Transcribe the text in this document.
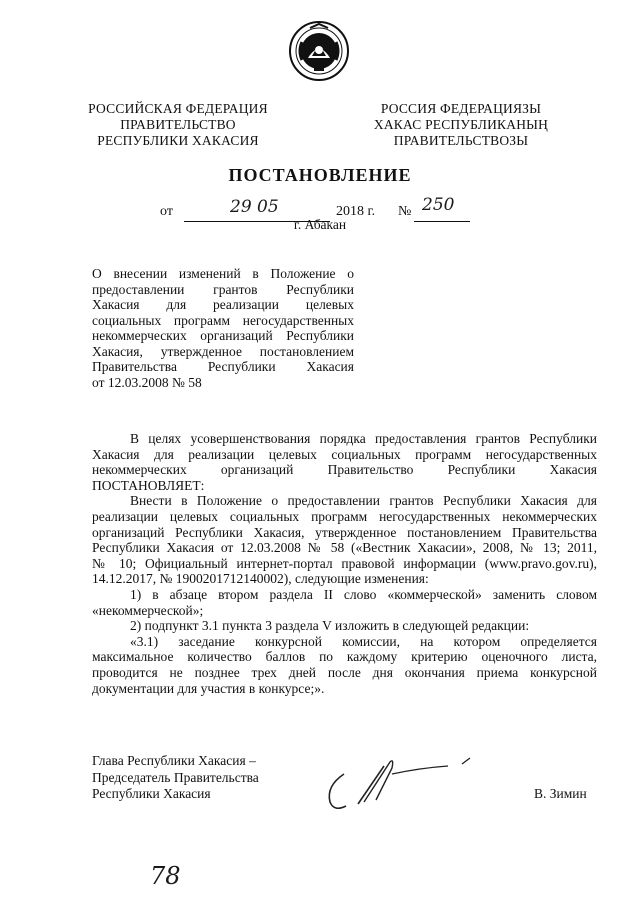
РОССИЙСКАЯ ФЕДЕРАЦИЯ
ПРАВИТЕЛЬСТВО
РЕСПУБЛИКИ ХАКАСИЯ
РОССИЯ ФЕДЕРАЦИЯЗЫ
ХАКАС РЕСПУБЛИКАНЫҢ
ПРАВИТЕЛЬСТВОЗЫ
ПОСТАНОВЛЕНИЕ
от	29 05	2018 г. № 250
г. Абакан
О внесении изменений в Положение о
предоставлении грантов Республики
Хакасия для реализации целевых
социальных программ негосударственных
некоммерческих организаций Республики
Хакасия, утвержденное постановлением
Правительства Республики Хакасия
от 12.03.2008 № 58
В целях усовершенствования порядка предоставления грантов Республики
Хакасия для реализации целевых социальных программ негосударственных
некоммерческих организаций Правительство Республики Хакасия
ПОСТАНОВЛЯЕТ:
Внести в Положение о предоставлении грантов Республики Хакасия для
реализации целевых социальных программ негосударственных некоммерческих
организаций Республики Хакасия, утвержденное постановлением Правительства
Республики Хакасия от 12.03.2008 № 58 («Вестник Хакасии», 2008, № 13; 2011,
№ 10; Официальный интернет-портал правовой информации (www.pravo.gov.ru),
14.12.2017, № 1900201712140002), следующие изменения:
1) в абзаце втором раздела II слово «коммерческой» заменить словом
«некоммерческой»;
2) подпункт 3.1 пункта 3 раздела V изложить в следующей редакции:
«3.1) заседание конкурсной комиссии, на котором определяется
максимальное количество баллов по каждому критерию оценочного листа,
проводится не позднее трех дней после дня окончания приема конкурсной
документации для участия в конкурсе;».
Глава Республики Хакасия –
Председатель Правительства
Республики Хакасия	В. Зимин
78
